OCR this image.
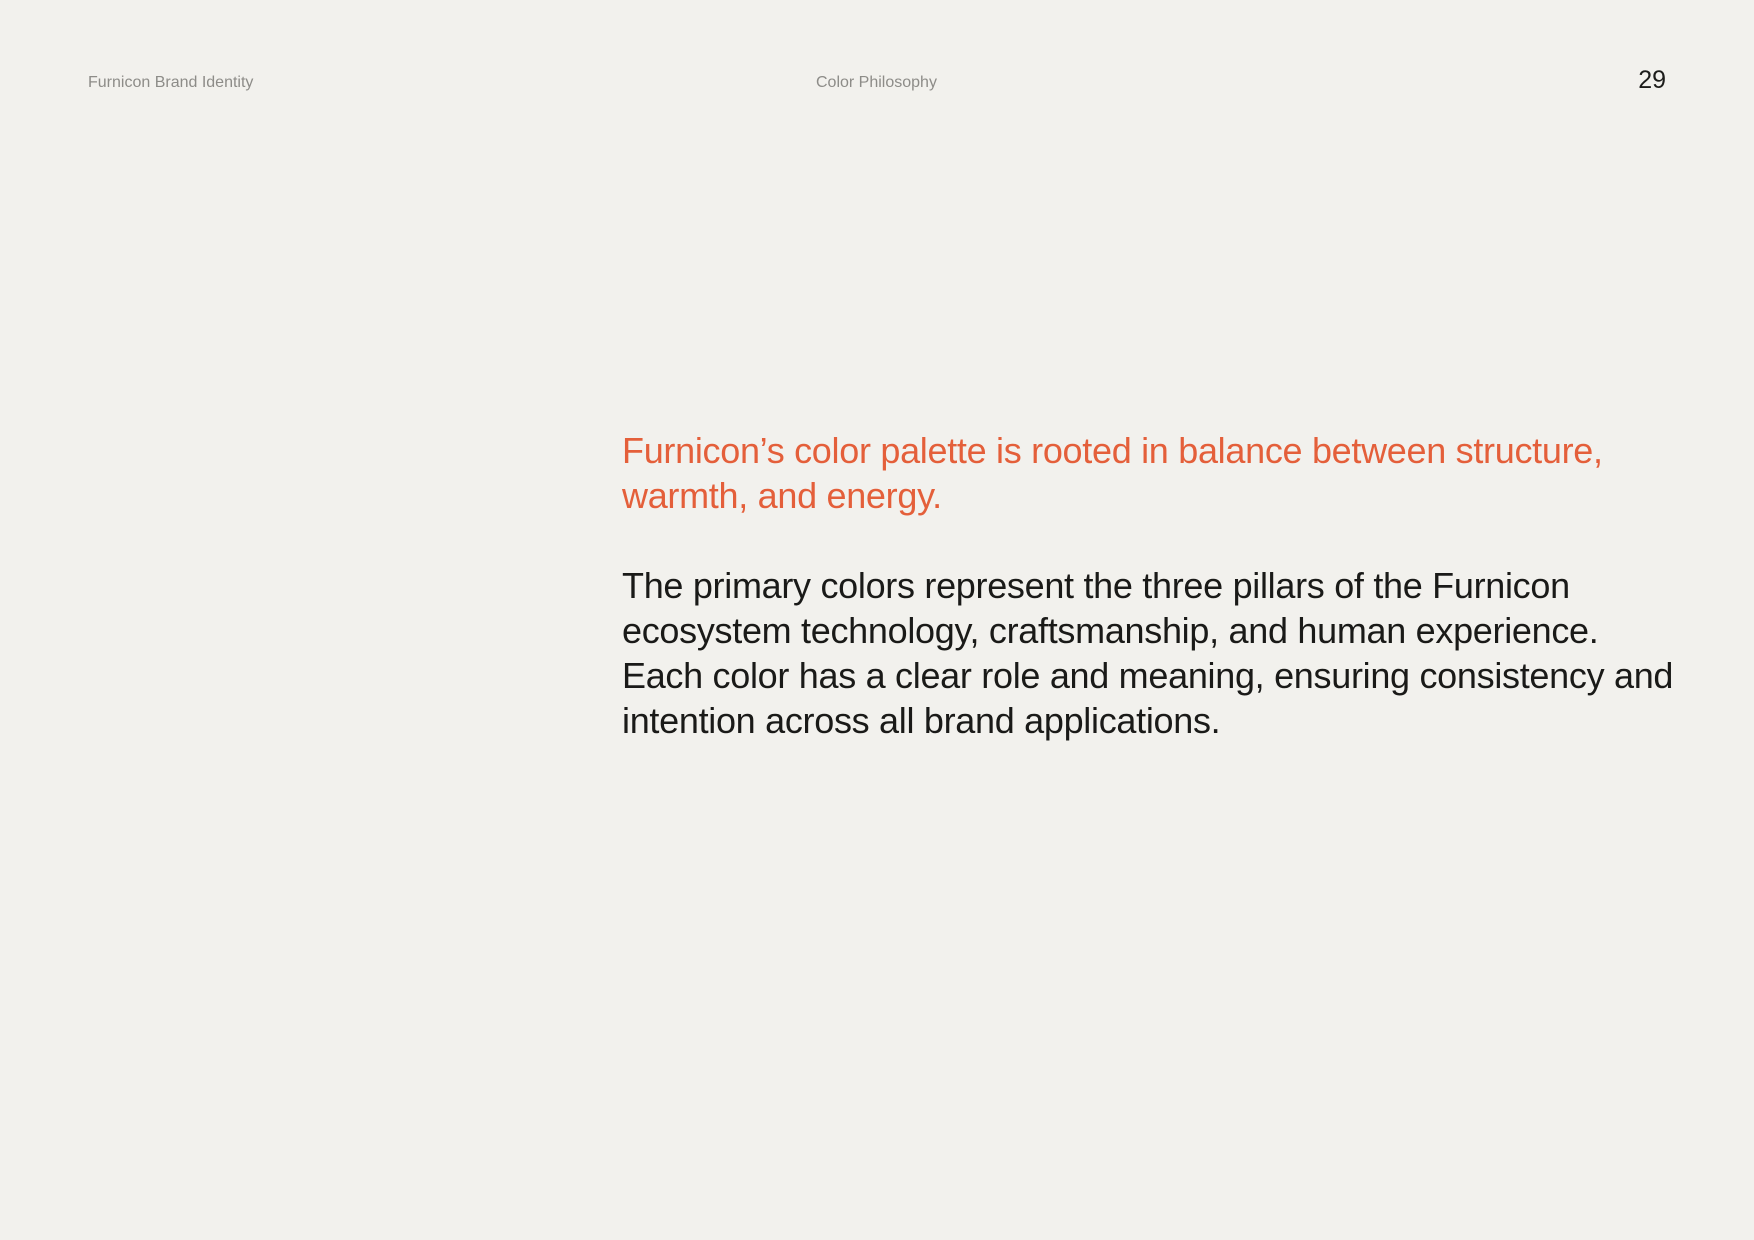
Furnicon Brand Identity	Color Philosophy	29

Furnicon’s color palette is rooted in balance between structure, warmth, and energy.

The primary colors represent the three pillars of the Furnicon ecosystem technology, craftsmanship, and human experience. Each color has a clear role and meaning, ensuring consistency and intention across all brand applications.
